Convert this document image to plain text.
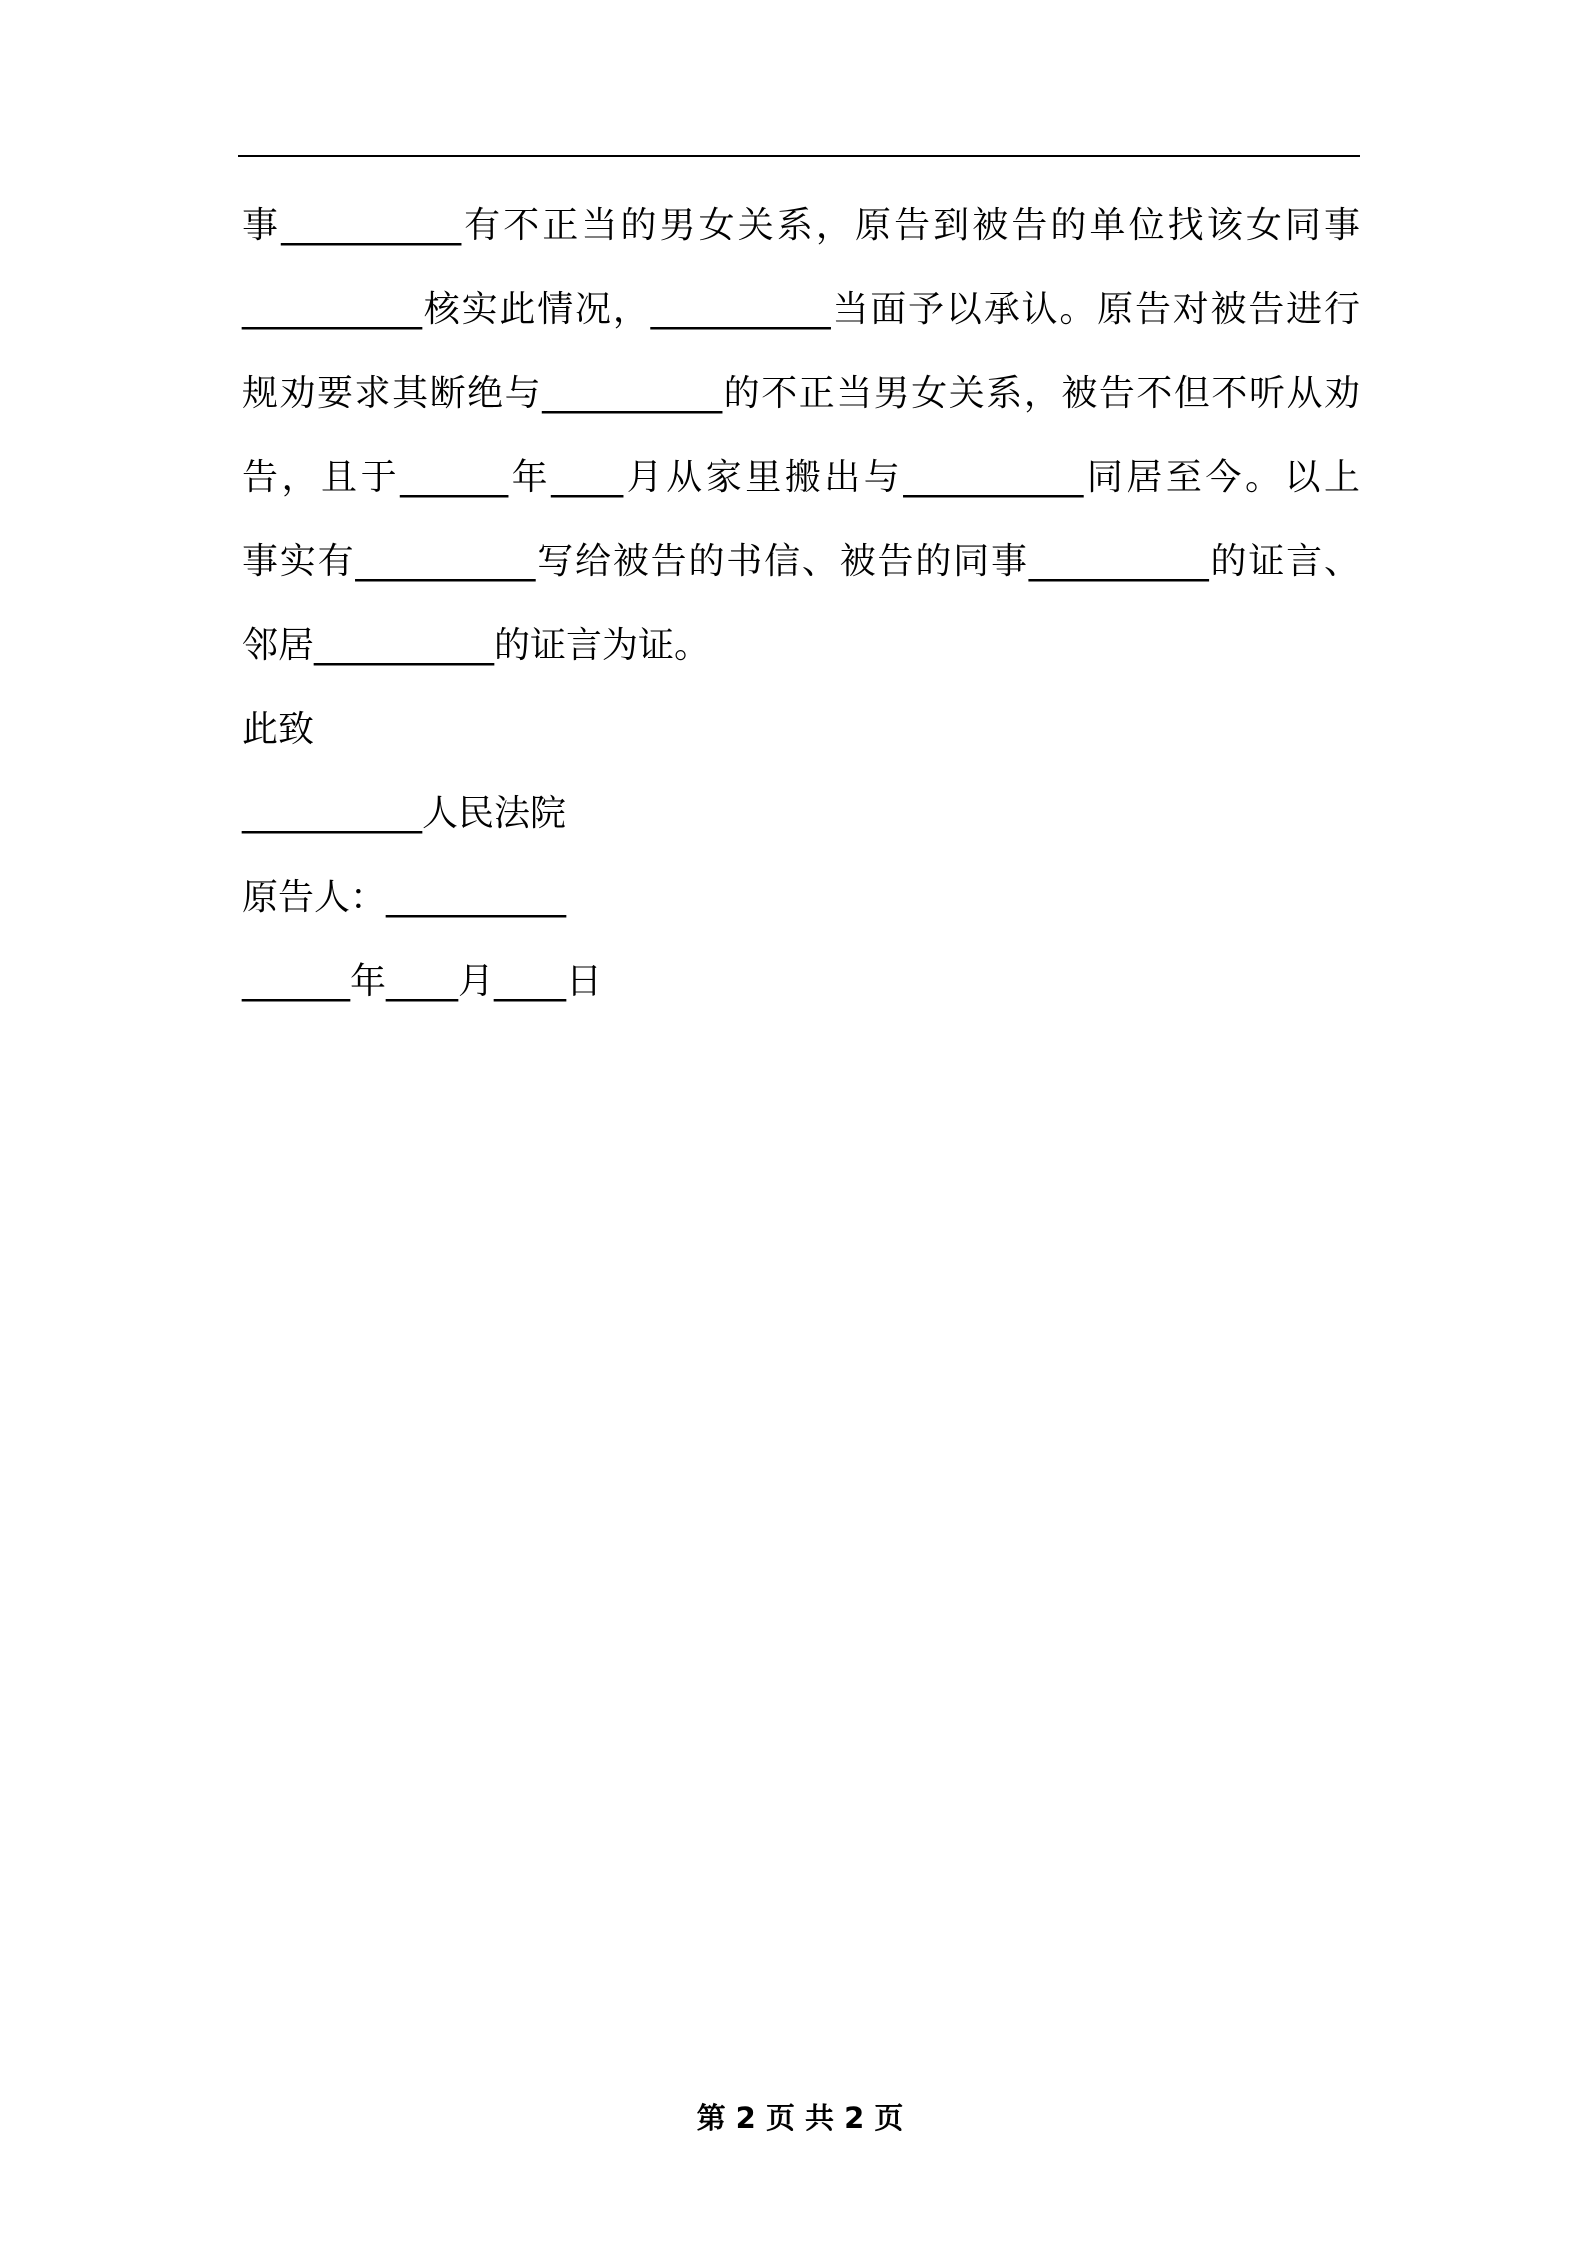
事__________有不正当的男女关系，原告到被告的单位找该女同事
__________核实此情况，__________当面予以承认。原告对被告进行
规劝要求其断绝与__________的不正当男女关系，被告不但不听从劝
告，且于______年____月从家里搬出与__________同居至今。以上
事实有__________写给被告的书信、被告的同事__________的证言、
邻居__________的证言为证。
此致
__________人民法院
原告人：__________
______年____月____日
第 2 页 共 2 页
